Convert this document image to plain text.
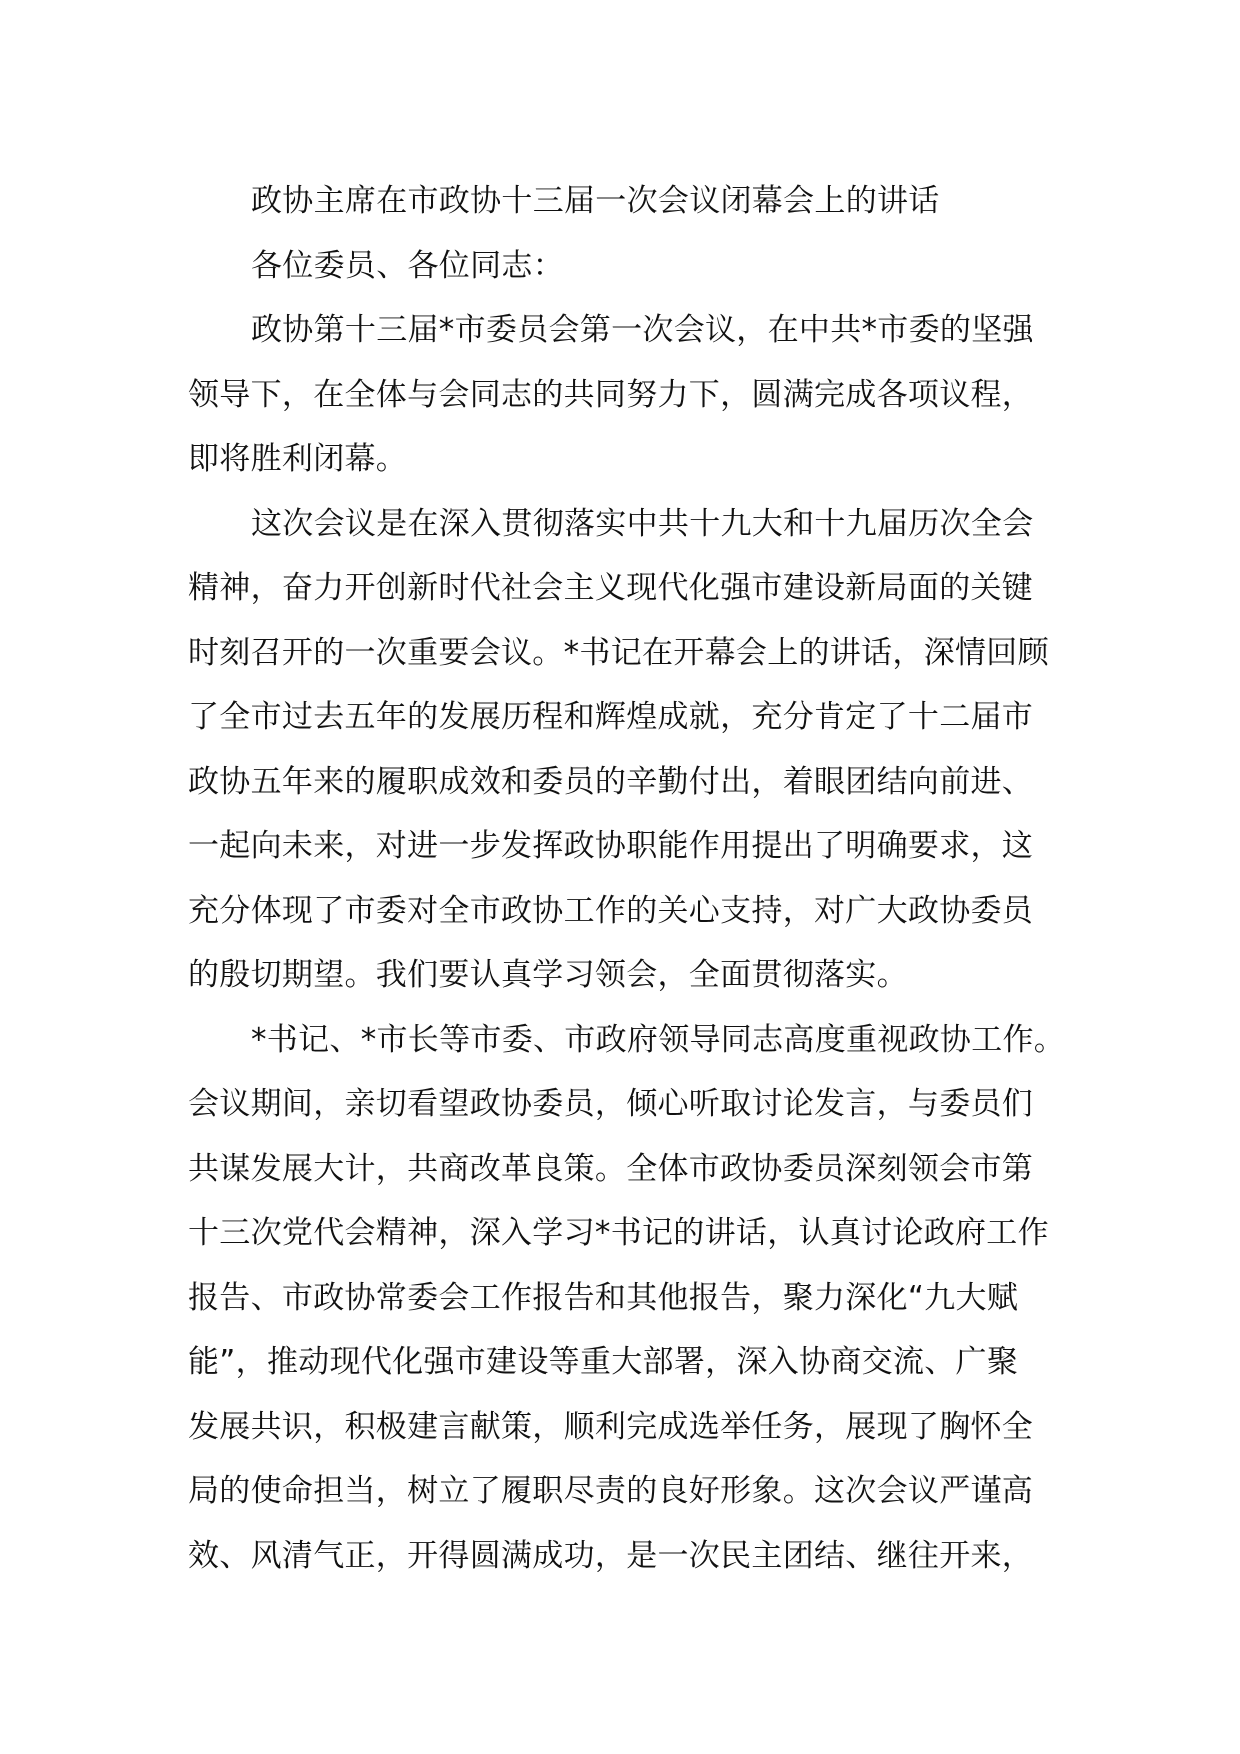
政协主席在市政协十三届一次会议闭幕会上的讲话
各位委员、各位同志：
政协第十三届*市委员会第一次会议，在中共*市委的坚强
领导下，在全体与会同志的共同努力下，圆满完成各项议程，
即将胜利闭幕。
这次会议是在深入贯彻落实中共十九大和十九届历次全会
精神，奋力开创新时代社会主义现代化强市建设新局面的关键
时刻召开的一次重要会议。*书记在开幕会上的讲话，深情回顾
了全市过去五年的发展历程和辉煌成就，充分肯定了十二届市
政协五年来的履职成效和委员的辛勤付出，着眼团结向前进、
一起向未来，对进一步发挥政协职能作用提出了明确要求，这
充分体现了市委对全市政协工作的关心支持，对广大政协委员
的殷切期望。我们要认真学习领会，全面贯彻落实。
*书记、*市长等市委、市政府领导同志高度重视政协工作。
会议期间，亲切看望政协委员，倾心听取讨论发言，与委员们
共谋发展大计，共商改革良策。全体市政协委员深刻领会市第
十三次党代会精神，深入学习*书记的讲话，认真讨论政府工作
报告、市政协常委会工作报告和其他报告，聚力深化“九大赋
能”，推动现代化强市建设等重大部署，深入协商交流、广聚
发展共识，积极建言献策，顺利完成选举任务，展现了胸怀全
局的使命担当，树立了履职尽责的良好形象。这次会议严谨高
效、风清气正，开得圆满成功，是一次民主团结、继往开来，
